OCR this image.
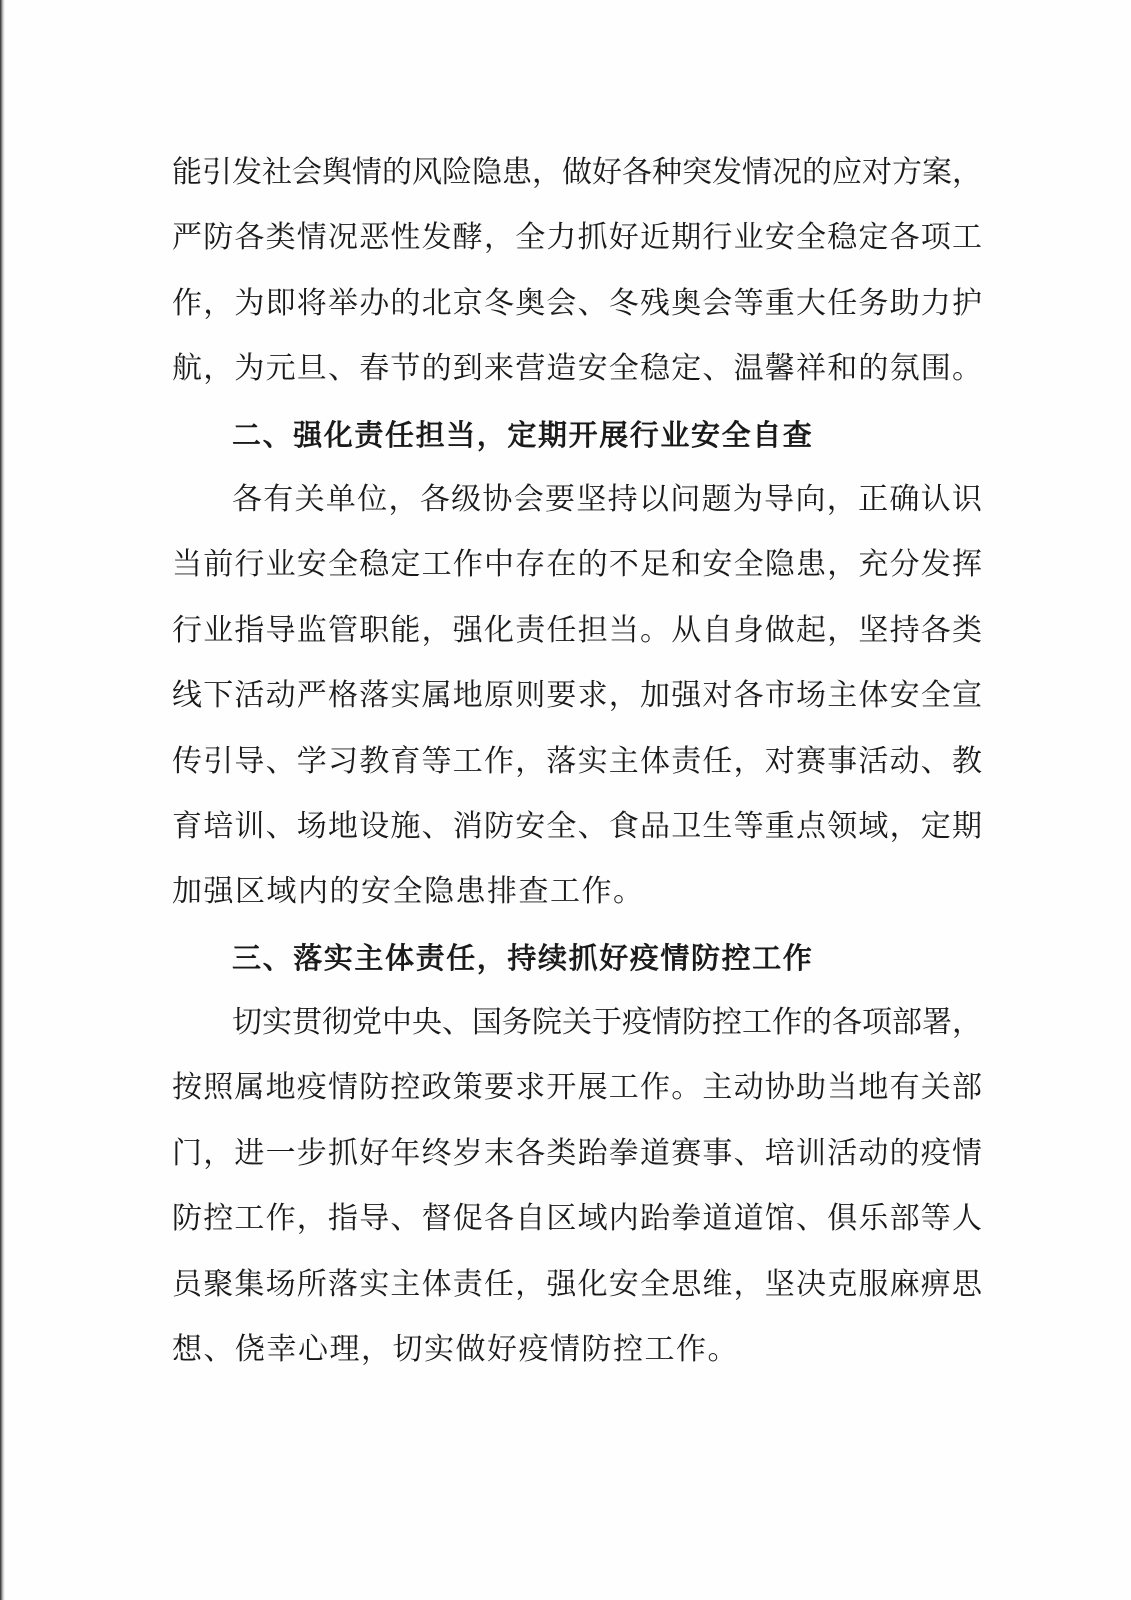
能引发社会舆情的风险隐患，做好各种突发情况的应对方案，
严防各类情况恶性发酵，全力抓好近期行业安全稳定各项工
作，为即将举办的北京冬奥会、冬残奥会等重大任务助力护
航，为元旦、春节的到来营造安全稳定、温馨祥和的氛围。
二、强化责任担当，定期开展行业安全自查
各有关单位，各级协会要坚持以问题为导向，正确认识
当前行业安全稳定工作中存在的不足和安全隐患，充分发挥
行业指导监管职能，强化责任担当。从自身做起，坚持各类
线下活动严格落实属地原则要求，加强对各市场主体安全宣
传引导、学习教育等工作，落实主体责任，对赛事活动、教
育培训、场地设施、消防安全、食品卫生等重点领域，定期
加强区域内的安全隐患排查工作。
三、落实主体责任，持续抓好疫情防控工作
切实贯彻党中央、国务院关于疫情防控工作的各项部署，
按照属地疫情防控政策要求开展工作。主动协助当地有关部
门，进一步抓好年终岁末各类跆拳道赛事、培训活动的疫情
防控工作，指导、督促各自区域内跆拳道道馆、俱乐部等人
员聚集场所落实主体责任，强化安全思维，坚决克服麻痹思
想、侥幸心理，切实做好疫情防控工作。
